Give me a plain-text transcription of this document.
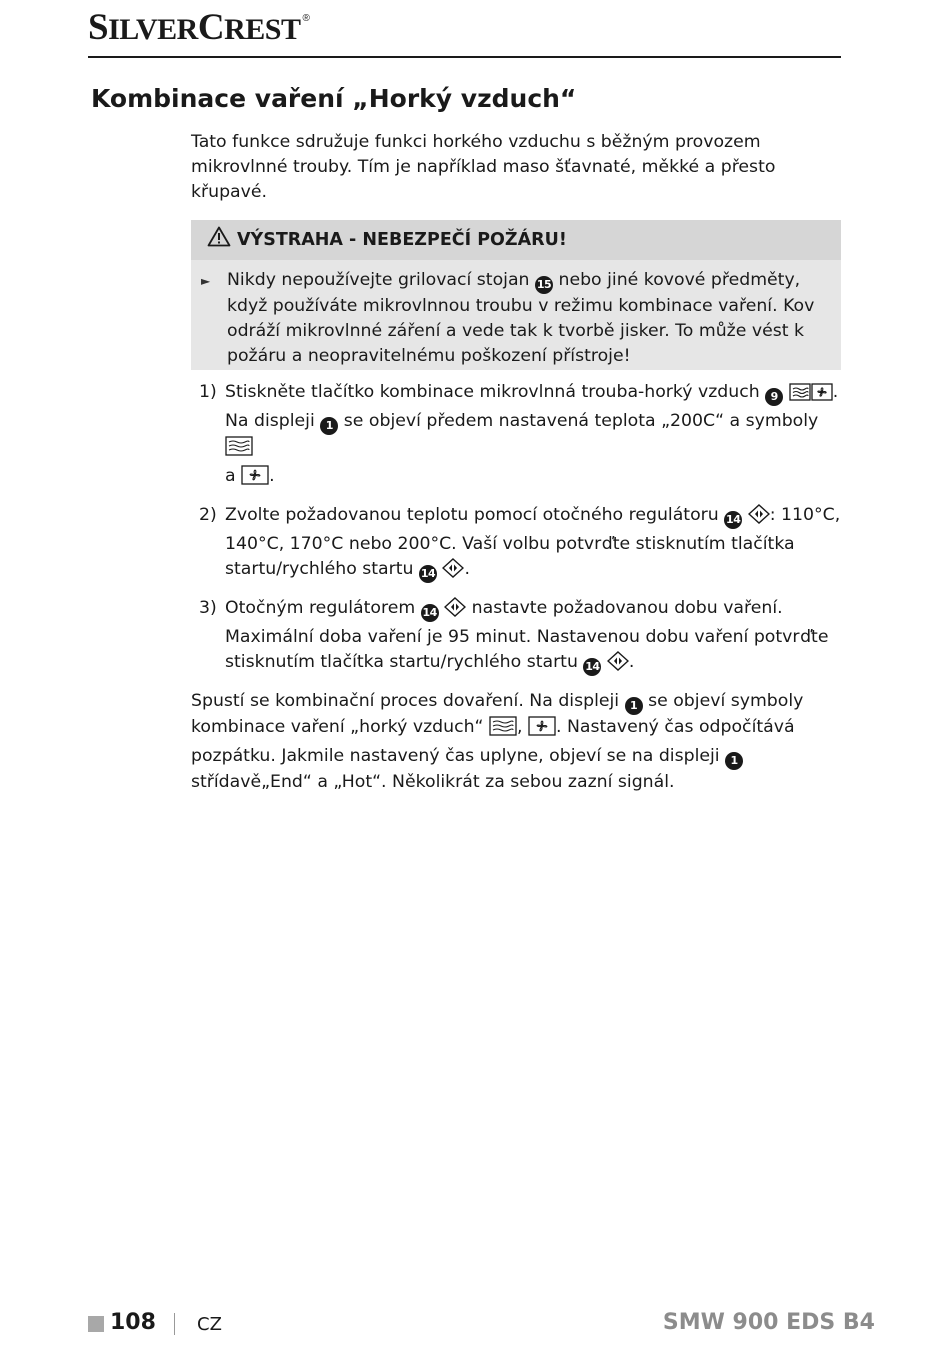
SILVERCREST ®
Kombinace vaření „Horký vzduch“

Tato funkce sdružuje funkci horkého vzduchu s běžným provozem mikrovlnné trouby. Tím je například maso šťavnaté, měkké a přesto křupavé.

VÝSTRAHA - NEBEZPEČÍ POŽÁRU!
► Nikdy nepoužívejte grilovací stojan 15 nebo jiné kovové předměty, když používáte mikrovlnnou troubu v režimu kombinace vaření. Kov odráží mikrovlnné záření a vede tak k tvorbě jisker. To může vést k požáru a neopravitelnému poškození přístroje!

1) Stiskněte tlačítko kombinace mikrovlnná trouba-horký vzduch 9	.
Na displeji 1 se objeví předem nastavená teplota „200C“ a symboly
a .

2) Zvolte požadovanou teplotu pomocí otočného regulátoru 14 : 110°C, 140°C, 170°C nebo 200°C. Vaší volbu potvrďte stisknutím tlačítka startu/rychlého startu 14 .

3) Otočným regulátorem 14 nastavte požadovanou dobu vaření. Maximální doba vaření je 95 minut. Nastavenou dobu vaření potvrďte stisknutím tlačítka startu/rychlého startu 14 .

Spustí se kombinační proces dovaření. Na displeji 1 se objeví symboly kombinace vaření „horký vzduch“ , . Nastavený čas odpočítává pozpátku. Jakmile nastavený čas uplyne, objeví se na displeji 1 střídavě„End“ a „Hot“. Několikrát za sebou zazní signál.

108 CZ	SMW 900 EDS B4
